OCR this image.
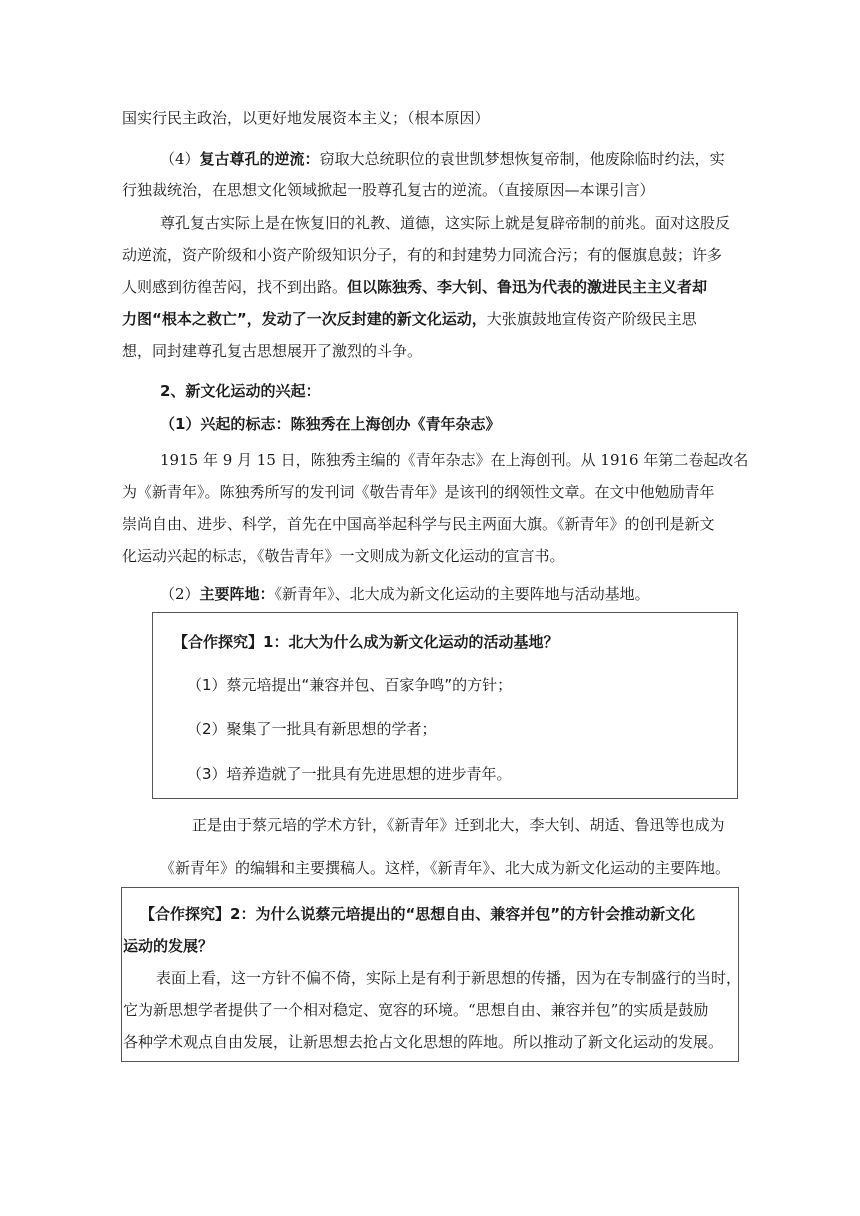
国实行民主政治，以更好地发展资本主义；（根本原因）
（4）复古尊孔的逆流：窃取大总统职位的袁世凯梦想恢复帝制，他废除临时约法，实
行独裁统治，在思想文化领域掀起一股尊孔复古的逆流。（直接原因—本课引言）
尊孔复古实际上是在恢复旧的礼教、道德，这实际上就是复辟帝制的前兆。面对这股反
动逆流，资产阶级和小资产阶级知识分子，有的和封建势力同流合污；有的偃旗息鼓；许多
人则感到彷徨苦闷，找不到出路。但以陈独秀、李大钊、鲁迅为代表的激进民主主义者却
力图“根本之救亡”，发动了一次反封建的新文化运动，大张旗鼓地宣传资产阶级民主思
想，同封建尊孔复古思想展开了激烈的斗争。
2、新文化运动的兴起：
（1）兴起的标志：陈独秀在上海创办《青年杂志》
1915 年 9 月 15 日，陈独秀主编的《青年杂志》在上海创刊。从 1916 年第二卷起改名
为《新青年》。陈独秀所写的发刊词《敬告青年》是该刊的纲领性文章。在文中他勉励青年
崇尚自由、进步、科学，首先在中国高举起科学与民主两面大旗。《新青年》的创刊是新文
化运动兴起的标志，《敬告青年》一文则成为新文化运动的宣言书。
（2）主要阵地：《新青年》、北大成为新文化运动的主要阵地与活动基地。
【合作探究】1：北大为什么成为新文化运动的活动基地？
（1）蔡元培提出“兼容并包、百家争鸣”的方针；
（2）聚集了一批具有新思想的学者；
（3）培养造就了一批具有先进思想的进步青年。
正是由于蔡元培的学术方针，《新青年》迁到北大，李大钊、胡适、鲁迅等也成为
《新青年》的编辑和主要撰稿人。这样，《新青年》、北大成为新文化运动的主要阵地。
【合作探究】2：为什么说蔡元培提出的“思想自由、兼容并包”的方针会推动新文化
运动的发展？
表面上看，这一方针不偏不倚，实际上是有利于新思想的传播，因为在专制盛行的当时，
它为新思想学者提供了一个相对稳定、宽容的环境。“思想自由、兼容并包”的实质是鼓励
各种学术观点自由发展，让新思想去抢占文化思想的阵地。所以推动了新文化运动的发展。
